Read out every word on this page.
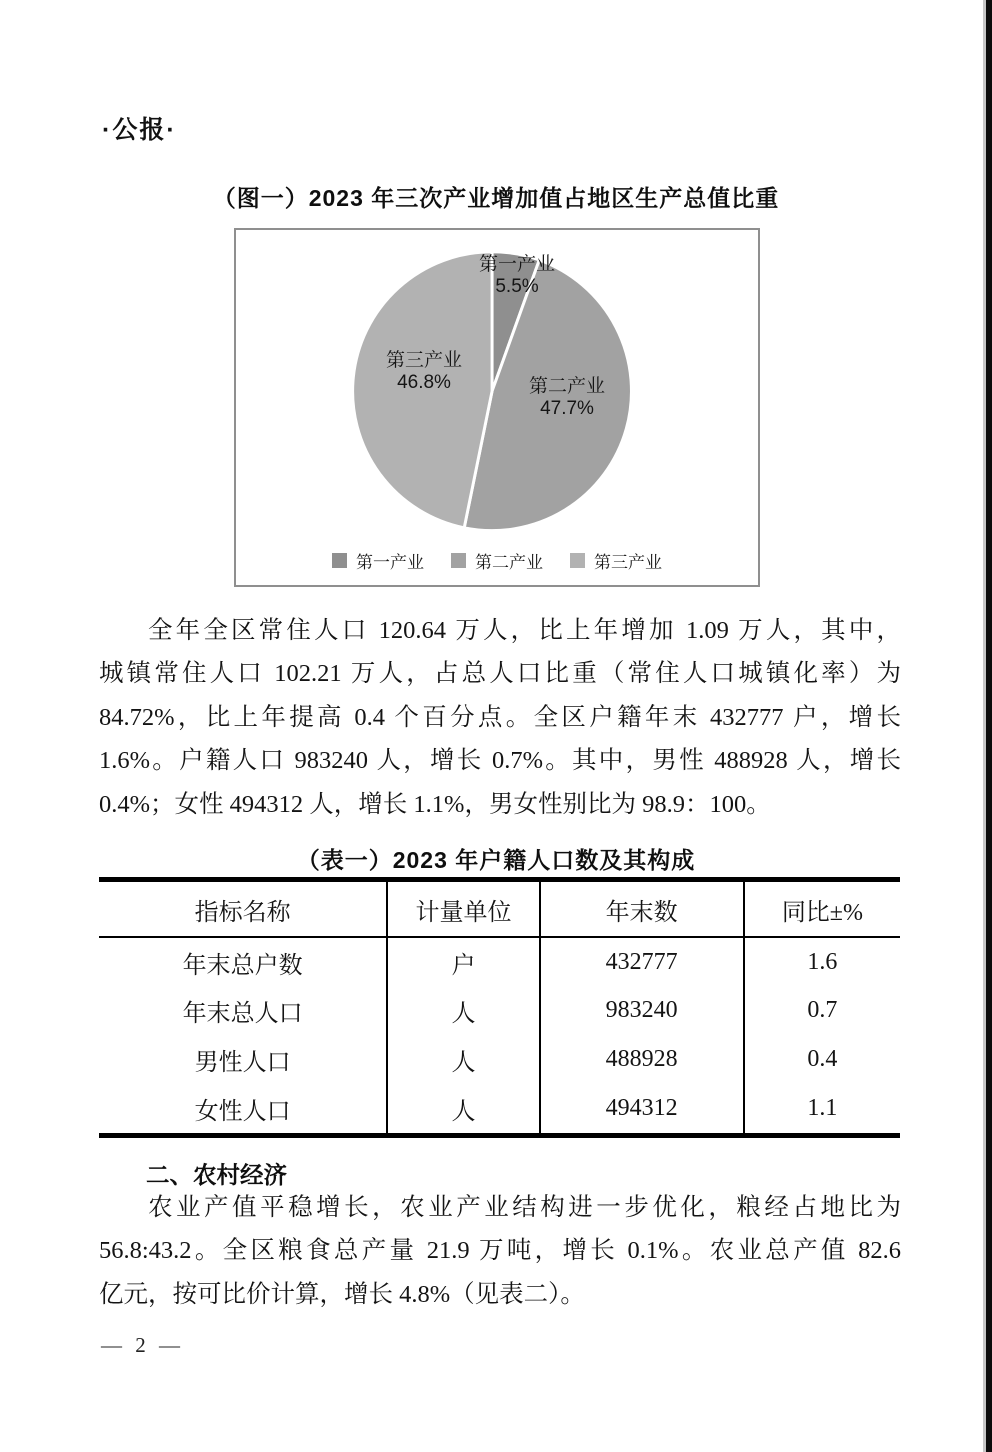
·公报·
（图一）2023 年三次产业增加值占地区生产总值比重
第一产业
5.5%
第二产业
47.7%
第三产业
46.8%
第一产业	第二产业	第三产业
全年全区常住人口 120.64 万人，比上年增加 1.09 万人，其中，
城镇常住人口 102.21 万人，占总人口比重（常住人口城镇化率）为
84.72%，比上年提高 0.4 个百分点。全区户籍年末 432777 户，增长
1.6%。户籍人口 983240 人，增长 0.7%。其中，男性 488928 人，增长
0.4%；女性 494312 人，增长 1.1%，男女性别比为 98.9：100。
（表一）2023 年户籍人口数及其构成
指标名称	计量单位	年末数	同比±%
年末总户数	户	432777	1.6
年末总人口	人	983240	0.7
男性人口	人	488928	0.4
女性人口	人	494312	1.1
二、农村经济
农业产值平稳增长，农业产业结构进一步优化，粮经占地比为
56.8:43.2。全区粮食总产量 21.9 万吨，增长 0.1%。农业总产值 82.6
亿元，按可比价计算，增长 4.8%（见表二）。
— 2 —
